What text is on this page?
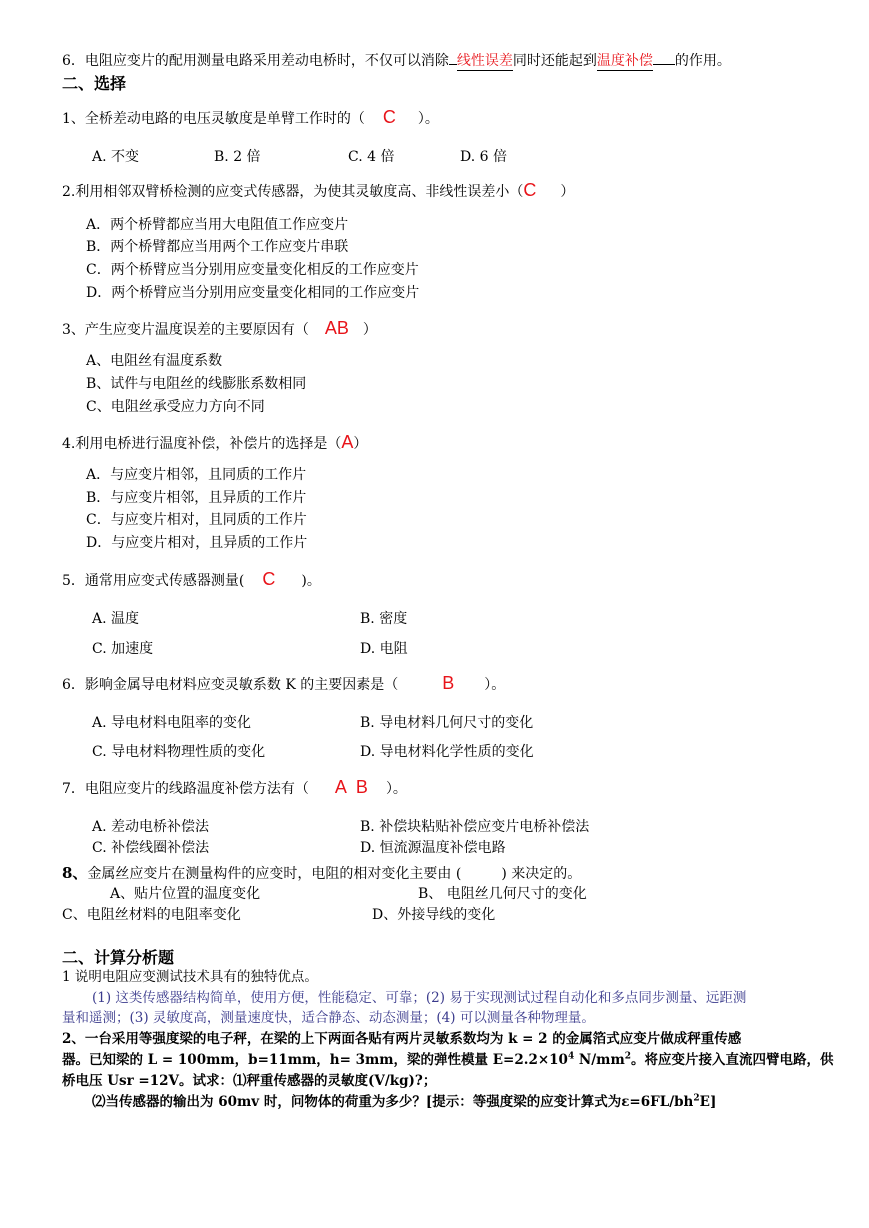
6．电阻应变片的配用测量电路采用差动电桥时，不仅可以消除 线性误差同时还能起到温度补偿 的作用。
二、选择
1、全桥差动电路的电压灵敏度是单臂工作时的（ C ）。
A. 不变	B. 2 倍	C. 4 倍	D. 6 倍
2.利用相邻双臂桥检测的应变式传感器，为使其灵敏度高、非线性误差小（C ）
A．两个桥臂都应当用大电阻值工作应变片
B．两个桥臂都应当用两个工作应变片串联
C．两个桥臂应当分别用应变量变化相反的工作应变片
D．两个桥臂应当分别用应变量变化相同的工作应变片
3、产生应变片温度误差的主要原因有（ AB ）
A、电阻丝有温度系数
B、试件与电阻丝的线膨胀系数相同
C、电阻丝承受应力方向不同
4.利用电桥进行温度补偿，补偿片的选择是（A）
A．与应变片相邻，且同质的工作片
B．与应变片相邻，且异质的工作片
C．与应变片相对，且同质的工作片
D．与应变片相对，且异质的工作片
5．通常用应变式传感器测量( C )。
A. 温度	B. 密度
C. 加速度	D. 电阻
6．影响金属导电材料应变灵敏系数 K 的主要因素是（ B ）。
A. 导电材料电阻率的变化	B. 导电材料几何尺寸的变化
C. 导电材料物理性质的变化	D. 导电材料化学性质的变化
7．电阻应变片的线路温度补偿方法有（ A  B ）。
A. 差动电桥补偿法	B. 补偿块粘贴补偿应变片电桥补偿法
C. 补偿线圈补偿法	D. 恒流源温度补偿电路
8、金属丝应变片在测量构件的应变时，电阻的相对变化主要由 (         ) 来决定的。
A、贴片位置的温度变化	B、 电阻丝几何尺寸的变化
C、电阻丝材料的电阻率变化	D、外接导线的变化
二、计算分析题
1 说明电阻应变测试技术具有的独特优点。
(1) 这类传感器结构简单，使用方便，性能稳定、可靠；(2) 易于实现测试过程自动化和多点同步测量、远距测
量和遥测；(3) 灵敏度高，测量速度快，适合静态、动态测量；(4) 可以测量各种物理量。
2、一台采用等强度梁的电子秤，在梁的上下两面各贴有两片灵敏系数均为 k = 2 的金属箔式应变片做成秤重传感
器。已知梁的 L = 100mm，b=11mm，h= 3mm，梁的弹性模量 $E=2.2\times 10^4$ $N/mm^2$。将应变片接入直流四臂电路，供
桥电压 Usr =12V。试求：⑴秤重传感器的灵敏度(V/kg)?；
⑵当传感器的输出为 60mv 时，问物体的荷重为多少？[提示：等强度梁的应变计算式为$\varepsilon=6FL/bh^2E$]
